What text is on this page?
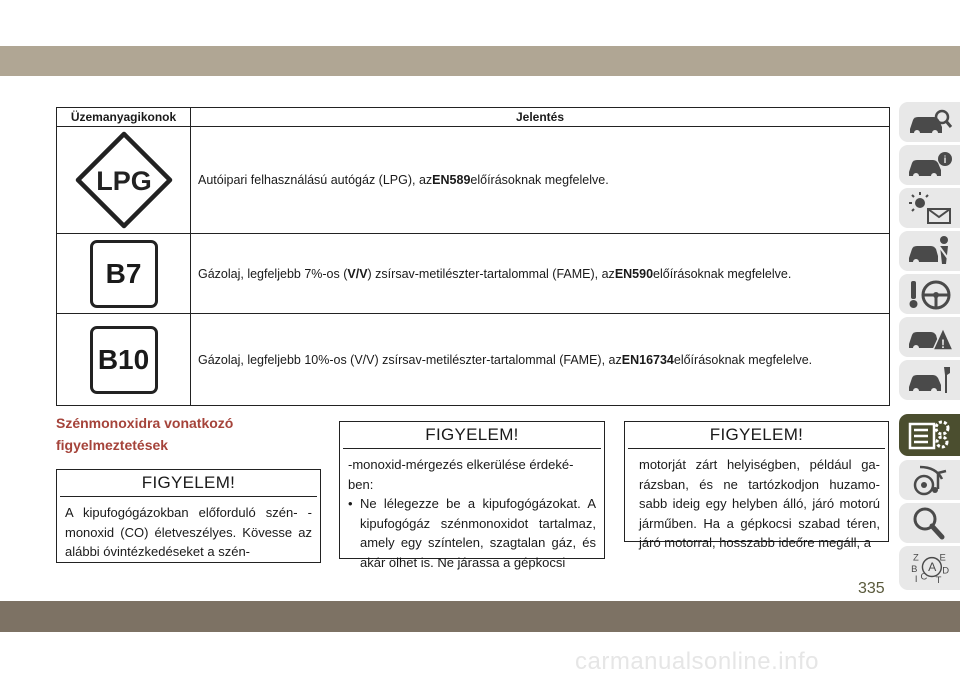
Üzemanyagikonok	Jelentés
LPG	Autóipari felhasználású autógáz (LPG), az EN589 előírásoknak megfelelve.
B7	Gázolaj, legfeljebb 7%-os ( V/V ) zsírsav-metilészter-tartalommal (FAME), az EN590 előírásoknak megfelelve.
B10	Gázolaj, legfeljebb 10%-os (V/V) zsírsav-metilészter-tartalommal (FAME), az EN16734 előírásoknak megfelelve.
Szénmonoxidra vonatkozó
figyelmeztetések
FIGYELEM!

A kipufogógázokban előforduló szén- -monoxid (CO) életveszélyes. Kövesse az alábbi óvintézkedéseket a szén-

FIGYELEM!

-monoxid-mérgezés elkerülése érdeké- ben:

• Ne lélegezze be a kipufogógázokat. A kipufogógáz szénmonoxidot tartalmaz, amely egy színtelen, szagtalan gáz, és akár ölhet is. Ne járassa a gépkocsi

FIGYELEM!

motorját zárt helyiségben, például ga- rázsban, és ne tartózkodjon huzamo- sabb ideig egy helyben álló, járó motorú járműben. Ha a gépkocsi szabad téren, járó motorral, hosszabb ideőre megáll, a

i
!
Z E
B A
C
D
I T
335
carmanualsonline.info
